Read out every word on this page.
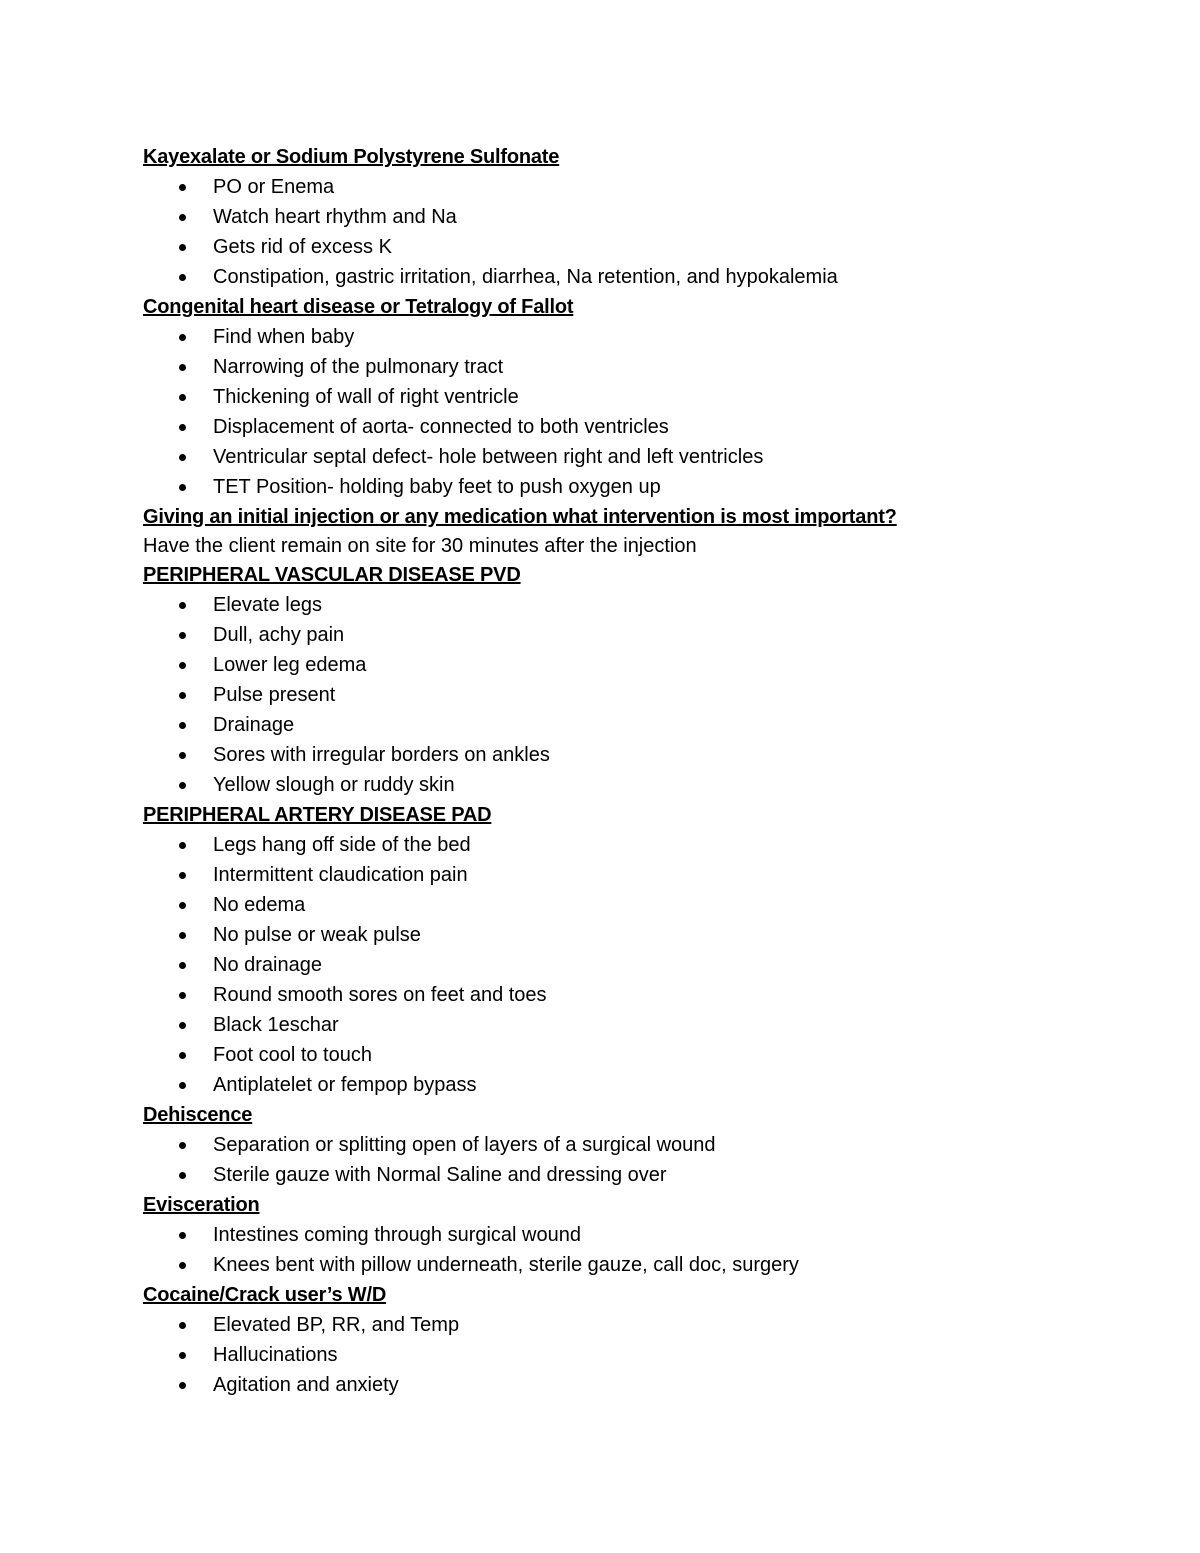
Kayexalate or Sodium Polystyrene Sulfonate
PO or Enema
Watch heart rhythm and Na
Gets rid of excess K
Constipation, gastric irritation, diarrhea, Na retention, and hypokalemia
Congenital heart disease or Tetralogy of Fallot
Find when baby
Narrowing of the pulmonary tract
Thickening of wall of right ventricle
Displacement of aorta- connected to both ventricles
Ventricular septal defect- hole between right and left ventricles
TET Position- holding baby feet to push oxygen up
Giving an initial injection or any medication what intervention is most important?
Have the client remain on site for 30 minutes after the injection
PERIPHERAL VASCULAR DISEASE PVD
Elevate legs
Dull, achy pain
Lower leg edema
Pulse present
Drainage
Sores with irregular borders on ankles
Yellow slough or ruddy skin
PERIPHERAL ARTERY DISEASE PAD
Legs hang off side of the bed
Intermittent claudication pain
No edema
No pulse or weak pulse
No drainage
Round smooth sores on feet and toes
Black 1eschar
Foot cool to touch
Antiplatelet or fempop bypass
Dehiscence
Separation or splitting open of layers of a surgical wound
Sterile gauze with Normal Saline and dressing over
Evisceration
Intestines coming through surgical wound
Knees bent with pillow underneath, sterile gauze, call doc, surgery
Cocaine/Crack user’s W/D
Elevated BP, RR, and Temp
Hallucinations
Agitation and anxiety
